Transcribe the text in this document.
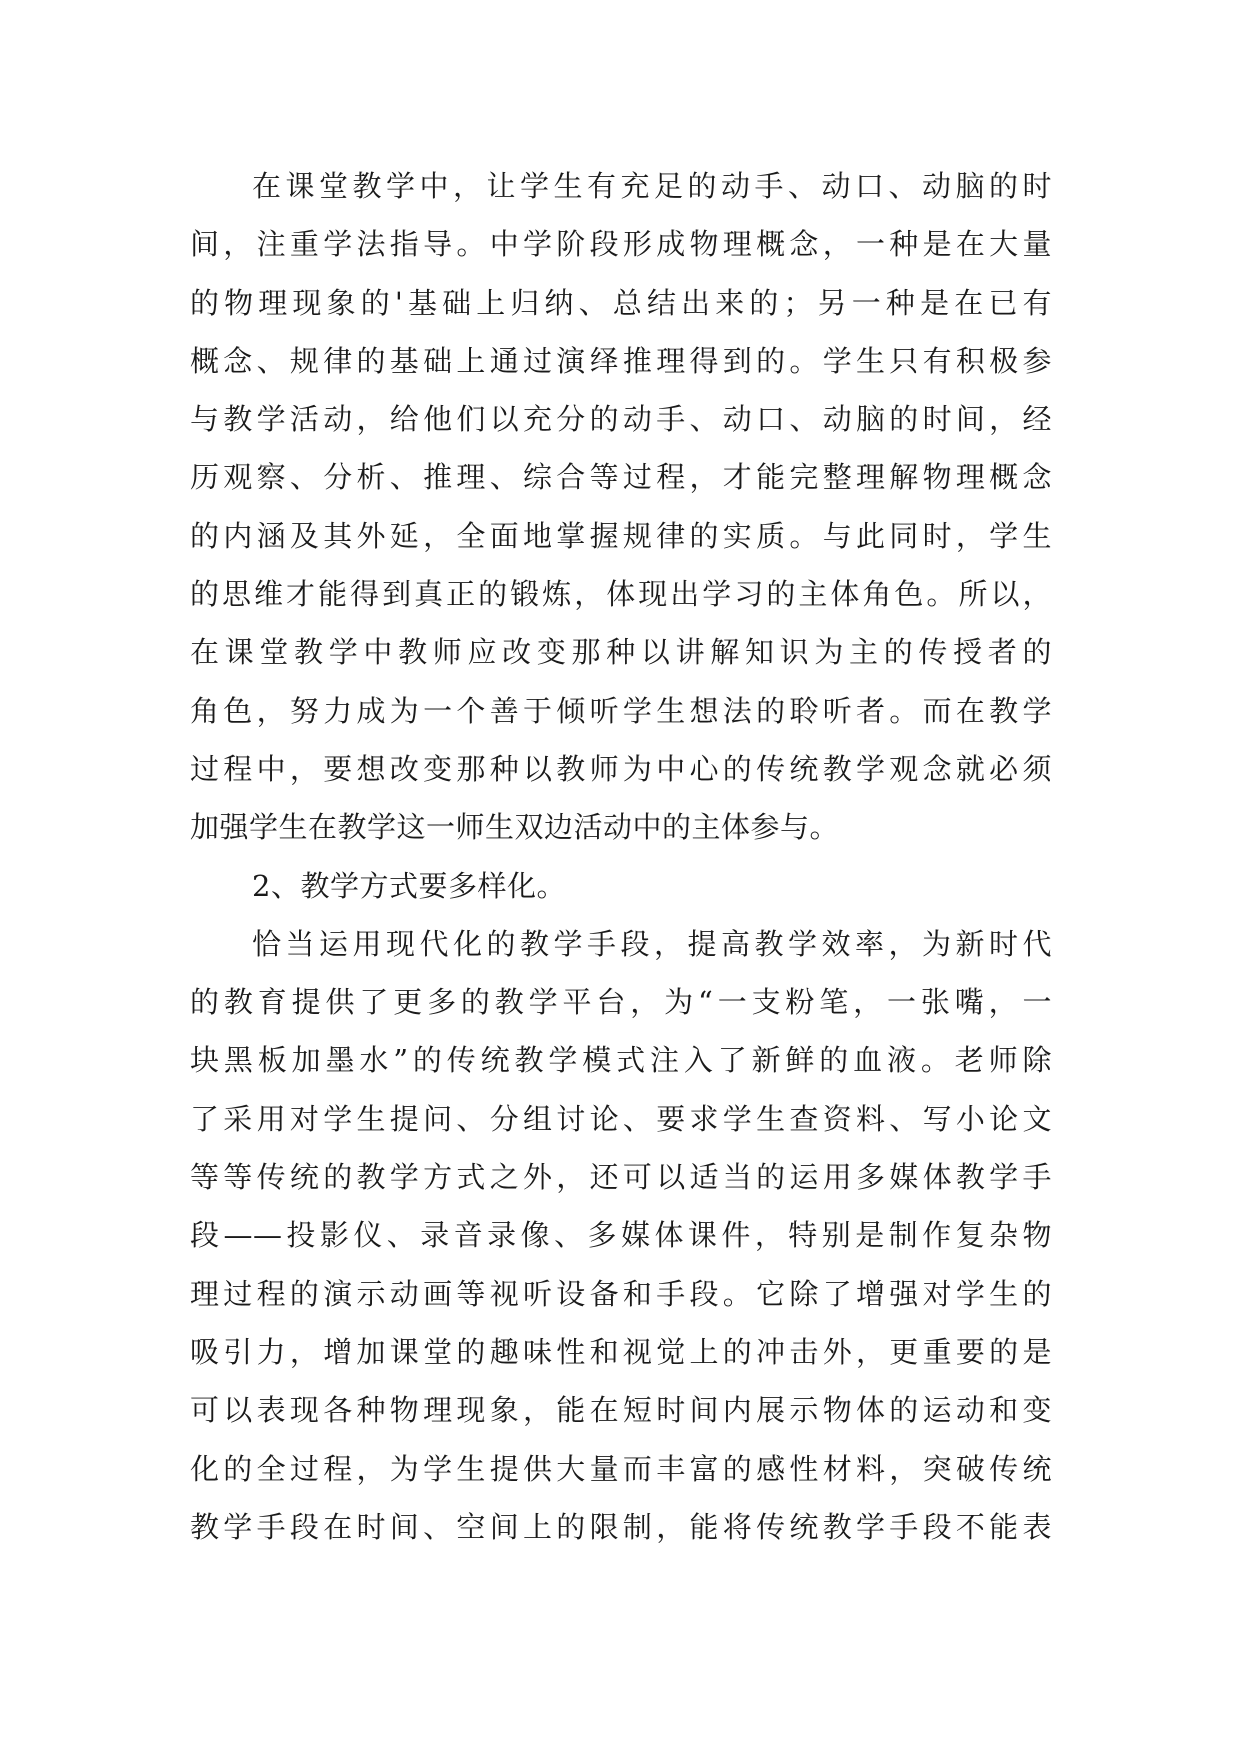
在课堂教学中，让学生有充足的动手、动口、动脑的时
间，注重学法指导。中学阶段形成物理概念，一种是在大量
的物理现象的'基础上归纳、总结出来的；另一种是在已有
概念、规律的基础上通过演绎推理得到的。学生只有积极参
与教学活动，给他们以充分的动手、动口、动脑的时间，经
历观察、分析、推理、综合等过程，才能完整理解物理概念
的内涵及其外延，全面地掌握规律的实质。与此同时，学生
的思维才能得到真正的锻炼，体现出学习的主体角色。所以，
在课堂教学中教师应改变那种以讲解知识为主的传授者的
角色，努力成为一个善于倾听学生想法的聆听者。而在教学
过程中，要想改变那种以教师为中心的传统教学观念就必须
加强学生在教学这一师生双边活动中的主体参与。
2、教学方式要多样化。
恰当运用现代化的教学手段，提高教学效率，为新时代
的教育提供了更多的教学平台，为“一支粉笔，一张嘴，一
块黑板加墨水”的传统教学模式注入了新鲜的血液。老师除
了采用对学生提问、分组讨论、要求学生查资料、写小论文
等等传统的教学方式之外，还可以适当的运用多媒体教学手
段——投影仪、录音录像、多媒体课件，特别是制作复杂物
理过程的演示动画等视听设备和手段。它除了增强对学生的
吸引力，增加课堂的趣味性和视觉上的冲击外，更重要的是
可以表现各种物理现象，能在短时间内展示物体的运动和变
化的全过程，为学生提供大量而丰富的感性材料，突破传统
教学手段在时间、空间上的限制，能将传统教学手段不能表
